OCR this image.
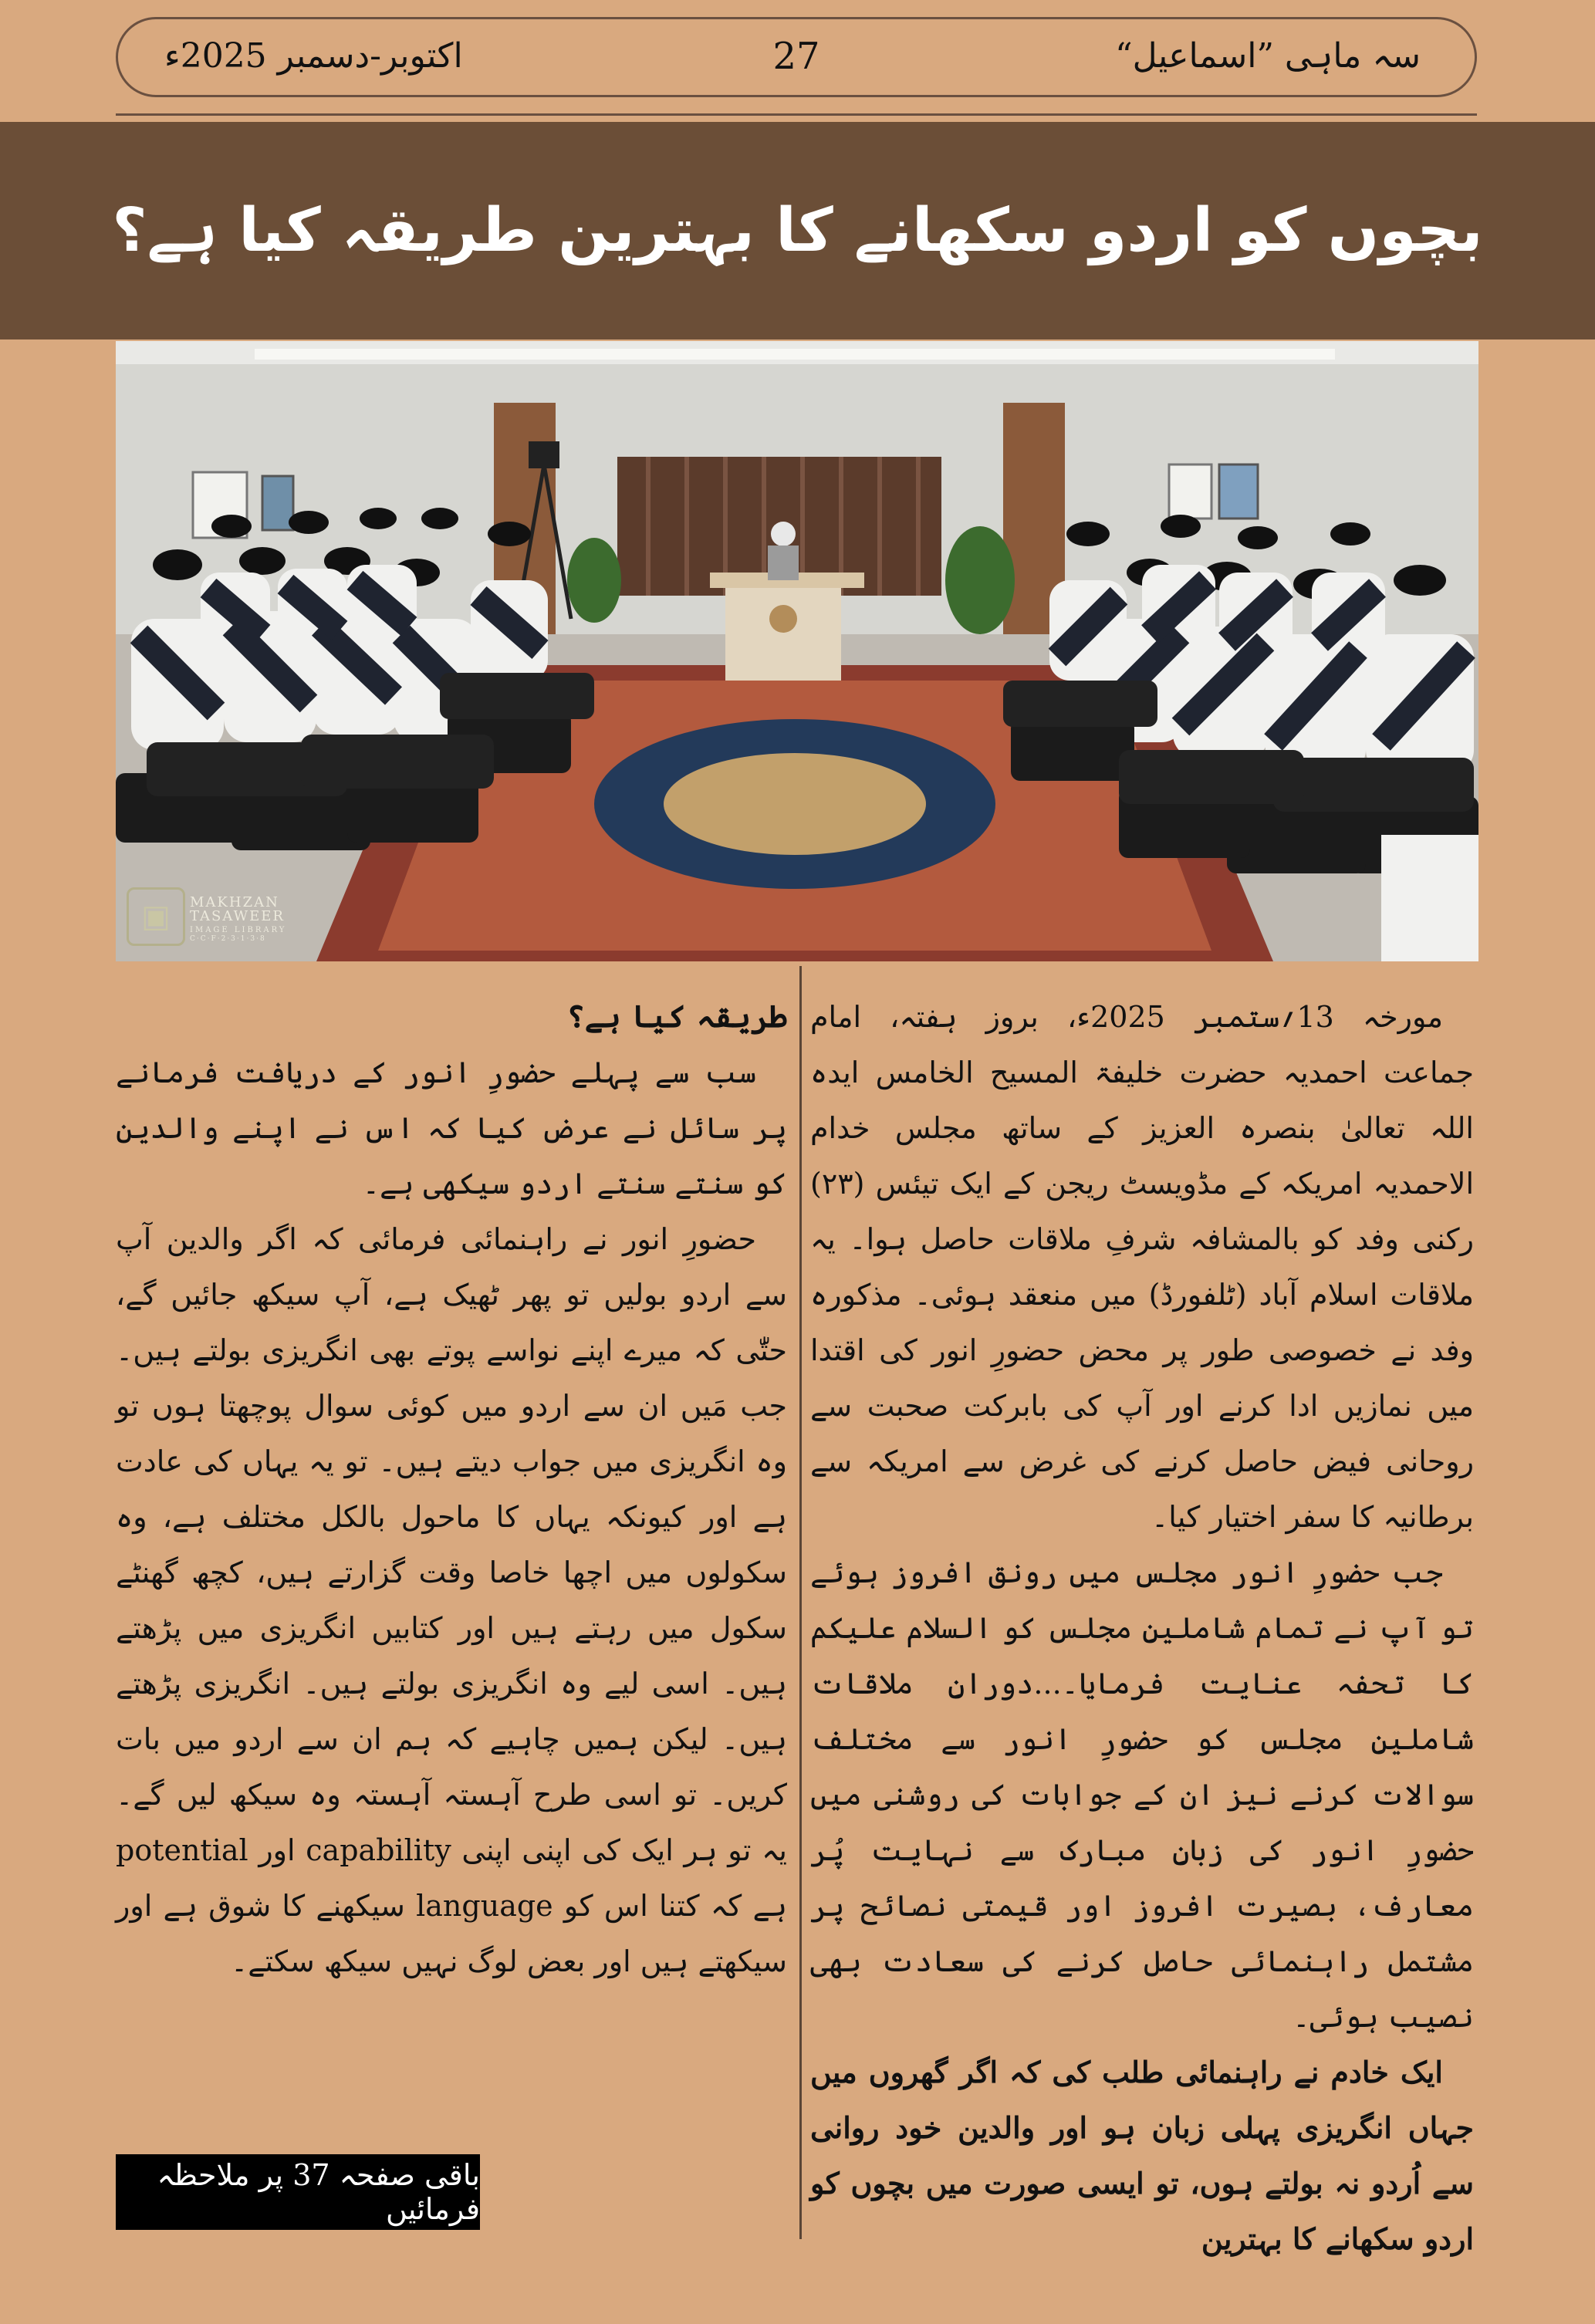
سہ ماہی ”اسماعیل“
27
اکتوبر-دسمبر 2025ء
بچوں کو اردو سکھانے کا بہترین طریقہ کیا ہے؟
▣	MAKHZAN
TASAWEER
IMAGE LIBRARY
C·C·F·2·3·1·3·8

مورخہ 13؍ستمبر 2025ء، بروز ہفتہ، امام جماعت احمدیہ حضرت خلیفۃ المسیح الخامس ایدہ اللہ تعالیٰ بنصرہ العزیز کے ساتھ مجلس خدام الاحمدیہ امریکہ کے مڈویسٹ ریجن کے ایک تیئس (۲۳) رکنی وفد کو بالمشافہ شرفِ ملاقات حاصل ہوا۔ یہ ملاقات اسلام آباد (ٹلفورڈ) میں منعقد ہوئی۔ مذکورہ وفد نے خصوصی طور پر محض حضورِ انور کی اقتدا میں نمازیں ادا کرنے اور آپ کی بابرکت صحبت سے روحانی فیض حاصل کرنے کی غرض سے امریکہ سے برطانیہ کا سفر اختیار کیا۔

جب حضورِ انور مجلس میں رونق افروز ہوئے تو آپ نے تمام شاملینِ مجلس کو السلام علیکم کا تحفہ عنایت فرمایا۔...دورانِ ملاقات شاملینِ مجلس کو حضورِ انور سے مختلف سوالات کرنے نیز ان کے جوابات کی روشنی میں حضورِ انور کی زبانِ مبارک سے نہایت پُر معارف، بصیرت افروز اور قیمتی نصائح پر مشتمل راہنمائی حاصل کرنے کی سعادت بھی نصیب ہوئی۔

ایک خادم نے راہنمائی طلب کی کہ اگر گھروں میں جہاں انگریزی پہلی زبان ہو اور والدین خود روانی سے اُردو نہ بولتے ہوں، تو ایسی صورت میں بچوں کو اردو سکھانے کا بہترین

طریقہ کیا ہے؟

سب سے پہلے حضورِ انور کے دریافت فرمانے پر سائل نے عرض کیا کہ اس نے اپنے والدین کو سنتے سنتے اردو سیکھی ہے۔

حضورِ انور نے راہنمائی فرمائی کہ اگر والدین آپ سے اردو بولیں تو پھر ٹھیک ہے، آپ سیکھ جائیں گے، حتّٰی کہ میرے اپنے نواسے پوتے بھی انگریزی بولتے ہیں۔ جب مَیں ان سے اردو میں کوئی سوال پوچھتا ہوں تو وہ انگریزی میں جواب دیتے ہیں۔ تو یہ یہاں کی عادت ہے اور کیونکہ یہاں کا ماحول بالکل مختلف ہے، وہ سکولوں میں اچھا خاصا وقت گزارتے ہیں، کچھ گھنٹے سکول میں رہتے ہیں اور کتابیں انگریزی میں پڑھتے ہیں۔ اسی لیے وہ انگریزی بولتے ہیں۔ انگریزی پڑھتے ہیں۔ لیکن ہمیں چاہیے کہ ہم ان سے اردو میں بات کریں۔ تو اسی طرح آہستہ آہستہ وہ سیکھ لیں گے۔ یہ تو ہر ایک کی اپنی اپنی capability اور potential ہے کہ کتنا اس کو language سیکھنے کا شوق ہے اور سیکھتے ہیں اور بعض لوگ نہیں سیکھ سکتے۔

باقی صفحہ 37 پر ملاحظہ فرمائیں
